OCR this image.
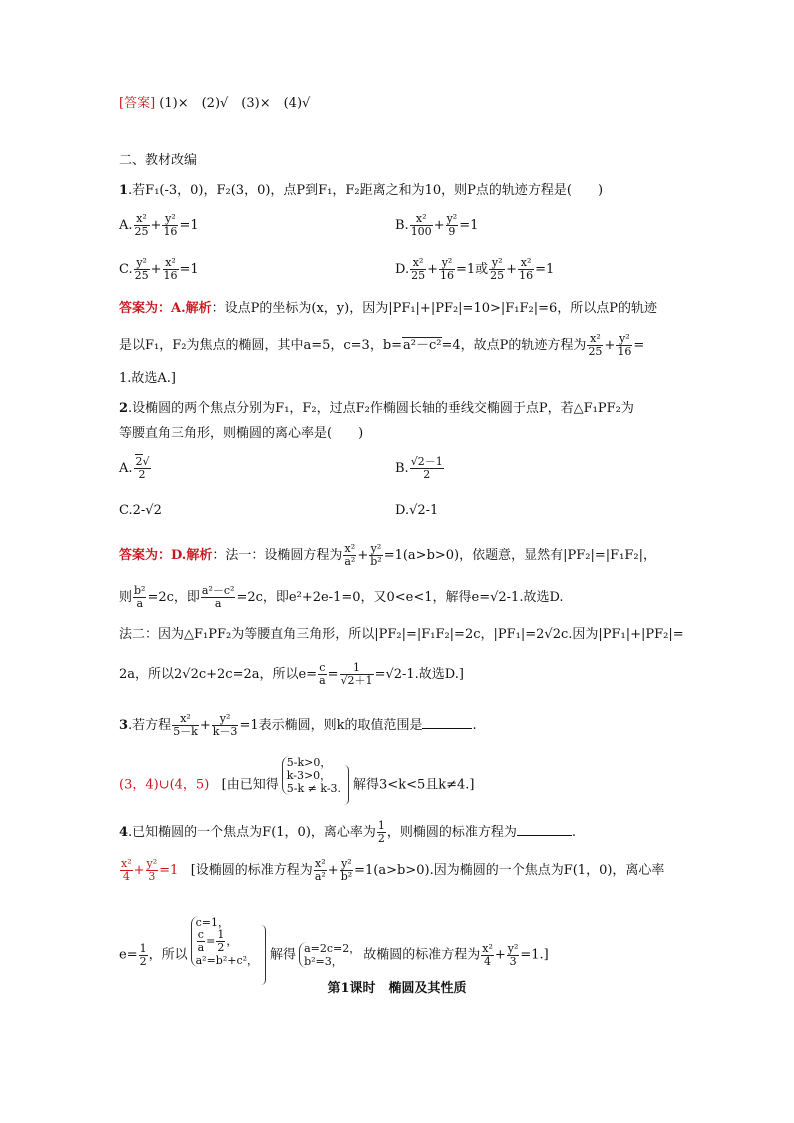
[答案] (1)×　(2)√　(3)×　(4)√
二、教材改编
1.若F₁(-3，0)，F₂(3，0)，点P到F₁，F₂距离之和为10，则P点的轨迹方程是(　　)
A. $\frac{\text{x²}}{25} + \frac{\text{y²}}{16} =1$	B. $\frac{\text{x²}}{100} + \frac{\text{y²}}{9} =1$
C. $\frac{\text{y²}}{25} + \frac{\text{x²}}{16} =1$	D. $\frac{\text{x²}}{25} + \frac{\text{y²}}{16} =1$或 $\frac{\text{y²}}{25} + \frac{\text{x²}}{16} =1$
答案为：A.解析：设点P的坐标为(x，y)，因为|PF₁|+|PF₂|=10>|F₁F₂|=6，所以点P的轨迹
是以F₁，F₂为焦点的椭圆，其中a=5，c=3，b=a²－c²=4，故点P的轨迹方程为 $\frac{\text{x²}}{25} + \frac{\text{y²}}{16}$ =
1.故选A.]
2.设椭圆的两个焦点分别为F₁，F₂，过点F₂作椭圆长轴的垂线交椭圆于点P，若△F₁PF₂为
等腰直角三角形，则椭圆的离心率是(　　)
A. $\frac{2√}{2}$	B. $\frac{√2-1}{2}$
C.2-√2	D.√2-1
答案为：D.解析：法一：设椭圆方程为 $\frac{\text{x²}}{\text{a²}} + \frac{\text{y²}}{\text{b²}} =1(a>b>0)$，依题意，显然有|PF₂|=|F₁F₂|，
则 $\frac{\text{b²}}{a} =2c$，即 $\frac{\text{a²－c²}}{a} =2c$，即e²+2e-1=0，又0<e<1，解得e=√2-1.故选D.
法二：因为△F₁PF₂为等腰直角三角形，所以|PF₂|=|F₁F₂|=2c，|PF₁|=2√2c.因为|PF₁|+|PF₂|=
2a，所以2√2c+2c=2a，所以$e= \frac{c}{a} = \frac{1}{√2+1} =√2-1$.故选D.]
3.若方程 $\frac{\text{x²}}{5-k} + \frac{\text{y²}}{k-3} =1$表示椭圆，则k的取值范围是	.
(3，4)∪(4，5) [由已知得
5-k>0，
k-3>0，
5-k ≠ k-3. 解得3<k<5且k≠4.]
4.已知椭圆的一个焦点为F(1，0)，离心率为 $\frac{1}{2}$ ，则椭圆的标准方程为	.
$\frac{\text{x²}}{4} + \frac{\text{y²}}{3} =1$ [设椭圆的标准方程为 $\frac{\text{x²}}{\text{a²}} + \frac{\text{y²}}{\text{b²}} =1(a>b>0)$.因为椭圆的一个焦点为F(1，0)，离心率
$e= \frac{1}{2}$ ，所以
c=1，
$\frac{c}{a} = \frac{1}{2}$ ，
a²=b²+c²， 解得 a=2c=2，
b²=3，	故椭圆的标准方程为 $\frac{\text{x²}}{4} + \frac{\text{y²}}{3} =1$.]
第1课时　椭圆及其性质
